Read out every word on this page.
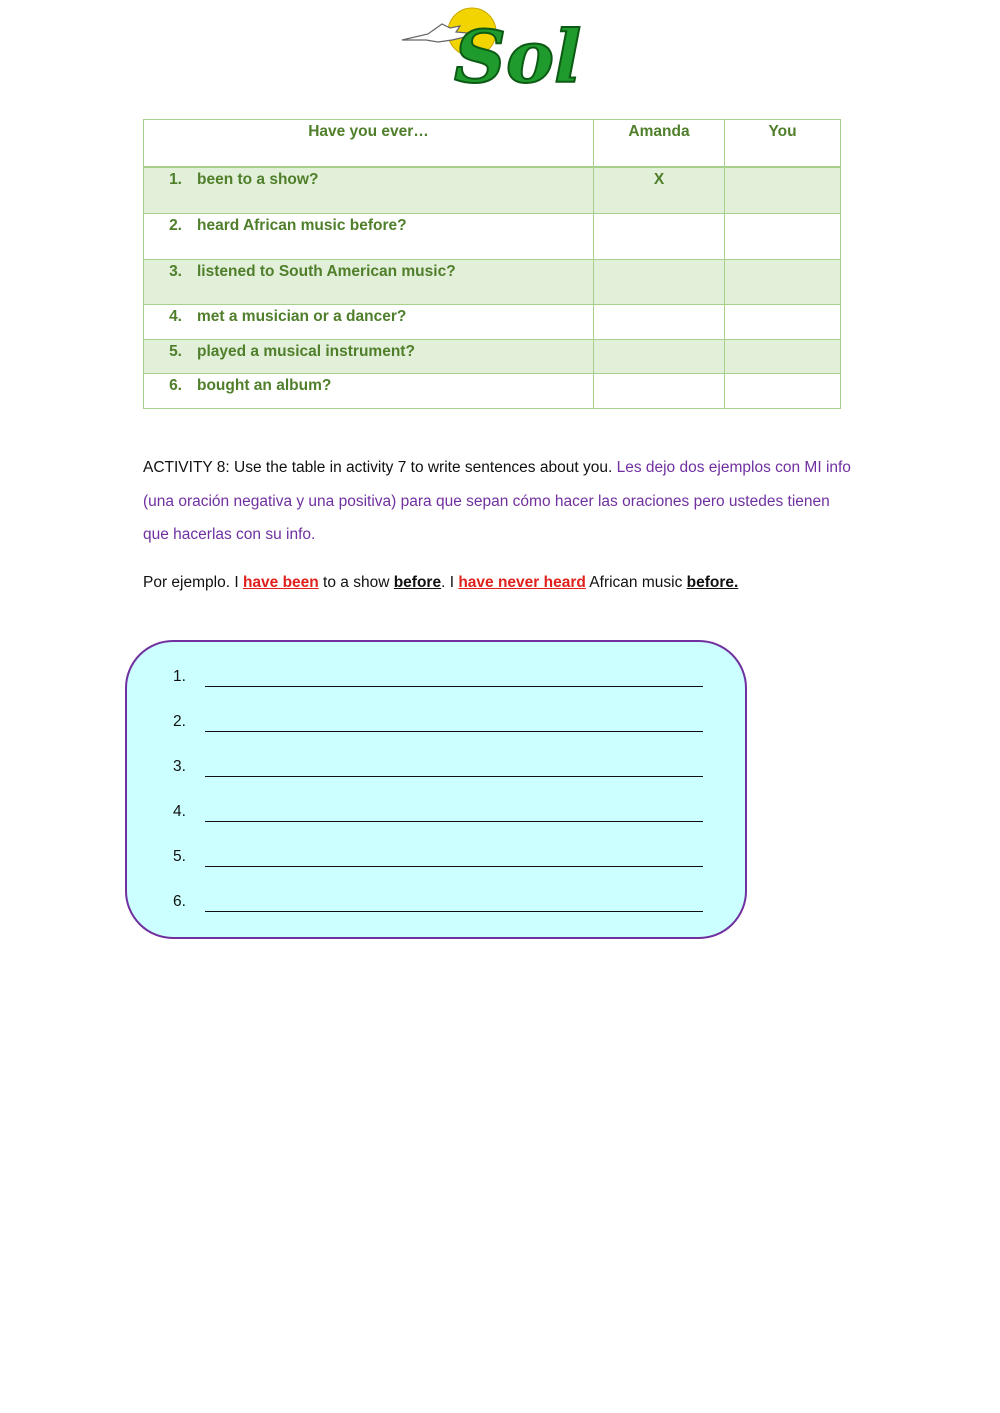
Sol
Have you ever…	Amanda	You
1. been to a show?	X	
2. heard African music before?		
3. listened to South American music?		
4. met a musician or a dancer?		
5. played a musical instrument?		
6. bought an album?		
ACTIVITY 8: Use the table in activity 7 to write sentences about you. Les dejo dos ejemplos con MI info (una oración negativa y una positiva) para que sepan cómo hacer las oraciones pero ustedes tienen que hacerlas con su info.
Por ejemplo. I have been to a show before. I have never heard African music before.
1.
2.
3.
4.
5.
6.
